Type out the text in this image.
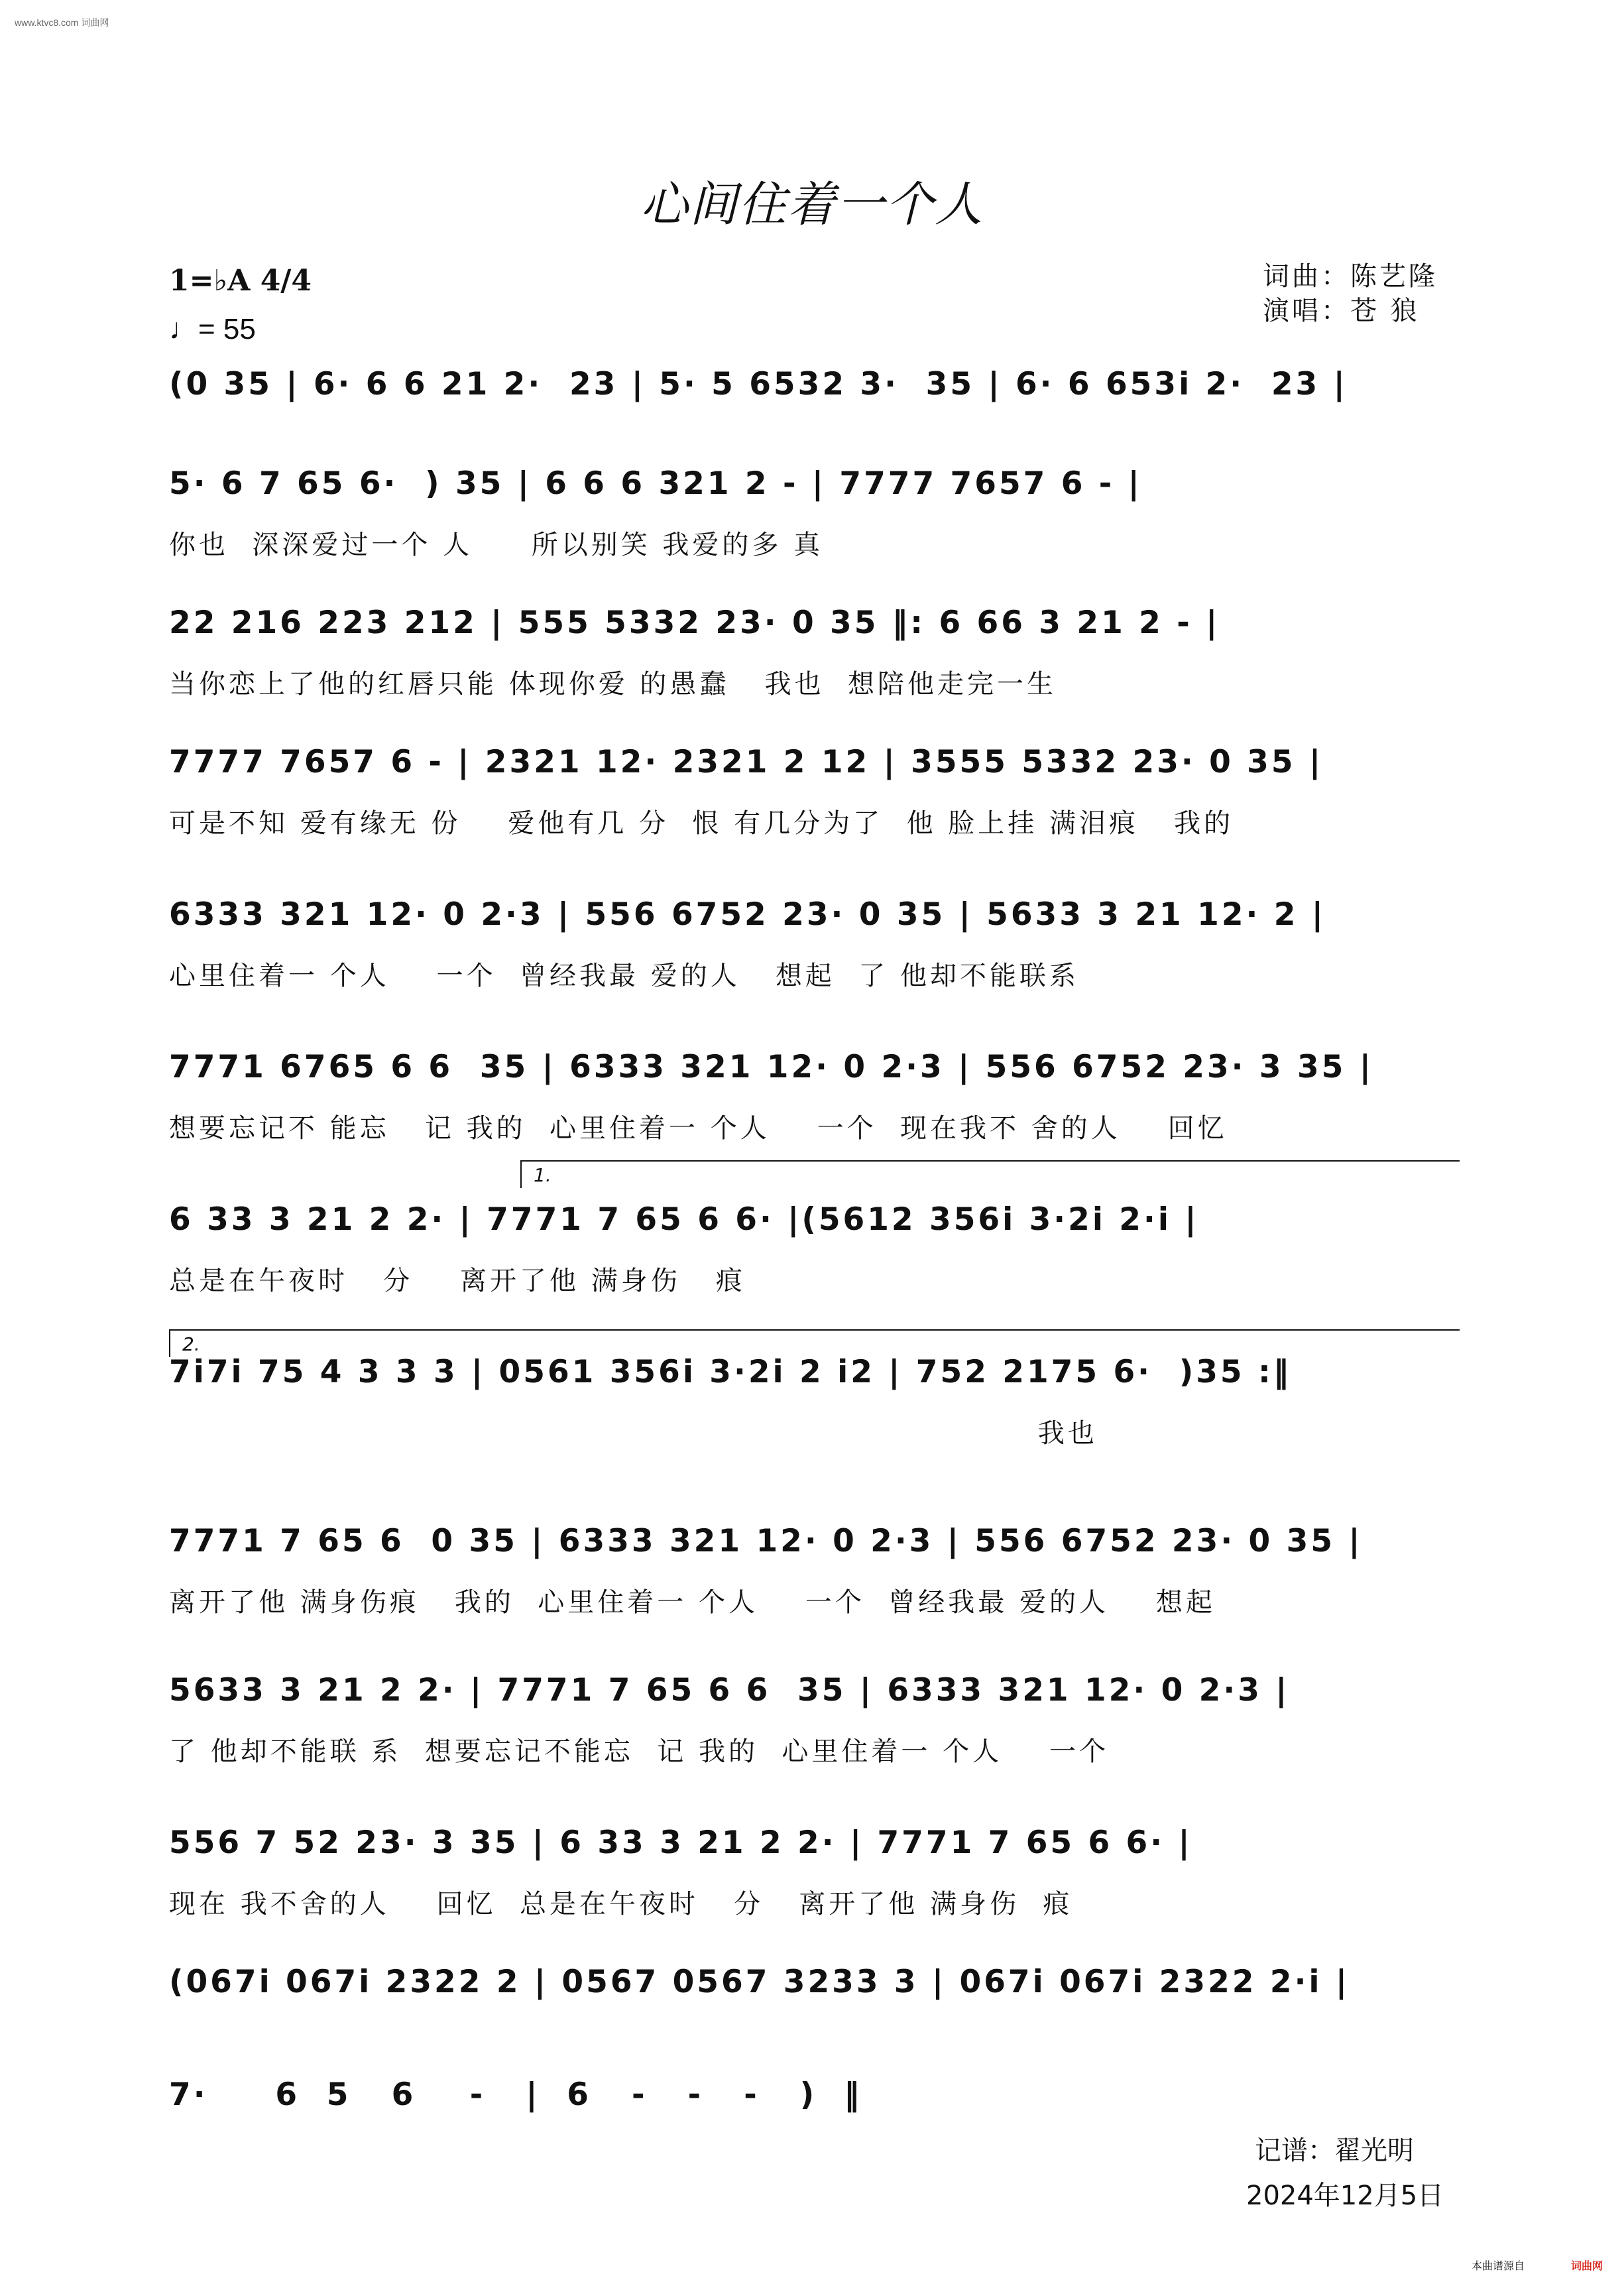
www.ktvc8.com 词曲网
心间住着一个人
1=♭A 4/4
♩= 55
词曲：陈艺隆
演唱：苍 狼
(0 35 | 6· 6 6 21 2·  23 | 5· 5 6532 3·  35 | 6· 6 653i 2·  23 |
5· 6 7 65 6·  ) 35 | 6 6 6 321 2 - | 7777 7657 6 - |
你也  深深爱过一个 人     所以别笑 我爱的多 真
22 216 223 212 | 555 5332 23· 0 35 ‖: 6 66 3 21 2 - |
当你恋上了他的红唇只能 体现你爱 的愚蠢   我也  想陪他走完一生
7777 7657 6 - | 2321 12· 2321 2 12 | 3555 5332 23· 0 35 |
可是不知 爱有缘无 份    爱他有几 分  恨 有几分为了  他 脸上挂 满泪痕   我的
6333 321 12· 0 2·3 | 556 6752 23· 0 35 | 5633 3 21 12· 2 |
心里住着一 个人    一个  曾经我最 爱的人   想起  了 他却不能联系
7771 6765 6 6  35 | 6333 321 12· 0 2·3 | 556 6752 23· 3 35 |
想要忘记不 能忘   记 我的  心里住着一 个人    一个  现在我不 舍的人    回忆
6 33 3 21 2 2· | 7771 7 65 6 6· |(5612 356i 3·2i 2·i |
总是在午夜时   分    离开了他 满身伤   痕
7i7i 75 4 3 3 3 | 0561 356i 3·2i 2 i2 | 752 2175 6·  )35 :‖
我也
7771 7 65 6  0 35 | 6333 321 12· 0 2·3 | 556 6752 23· 0 35 |
离开了他 满身伤痕   我的  心里住着一 个人    一个  曾经我最 爱的人    想起
5633 3 21 2 2· | 7771 7 65 6 6  35 | 6333 321 12· 0 2·3 |
了 他却不能联 系  想要忘记不能忘  记 我的  心里住着一 个人    一个
556 7 52 23· 3 35 | 6 33 3 21 2 2· | 7771 7 65 6 6· |
现在 我不舍的人    回忆  总是在午夜时   分   离开了他 满身伤  痕
(067i 067i 2322 2 | 0567 0567 3233 3 | 067i 067i 2322 2·i |
7·     6  5   6    -   |  6   -   -   -   )  ‖
记谱：翟光明
2024年12月5日
本曲谱源自	词曲网
1.
2.
